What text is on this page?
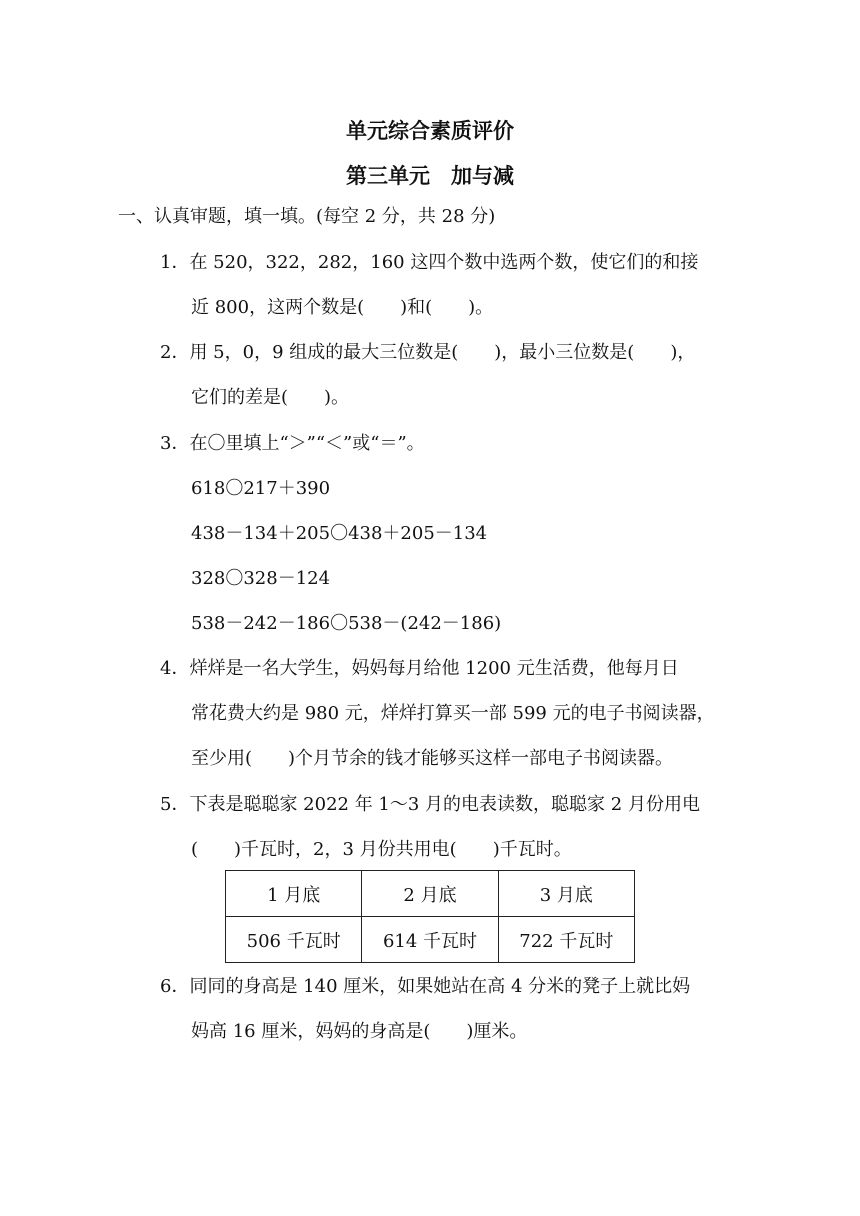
单元综合素质评价
第三单元　加与减
一、认真审题，填一填。(每空 2 分，共 28 分)
1．在 520，322，282，160 这四个数中选两个数，使它们的和接
近 800，这两个数是(　　)和(　　)。
2．用 5，0，9 组成的最大三位数是(　　)，最小三位数是(　　)，
它们的差是(　　)。
3．在〇里填上“＞”“＜”或“＝”。
618〇217＋390
438－134＋205〇438＋205－134
328〇328－124
538－242－186〇538－(242－186)
4．烊烊是一名大学生，妈妈每月给他 1200 元生活费，他每月日
常花费大约是 980 元，烊烊打算买一部 599 元的电子书阅读器，
至少用(　　)个月节余的钱才能够买这样一部电子书阅读器。
5．下表是聪聪家 2022 年 1～3 月的电表读数，聪聪家 2 月份用电
(　　)千瓦时，2，3 月份共用电(　　)千瓦时。
1 月底	2 月底	3 月底
506 千瓦时	614 千瓦时	722 千瓦时
6．同同的身高是 140 厘米，如果她站在高 4 分米的凳子上就比妈
妈高 16 厘米，妈妈的身高是(　　)厘米。
